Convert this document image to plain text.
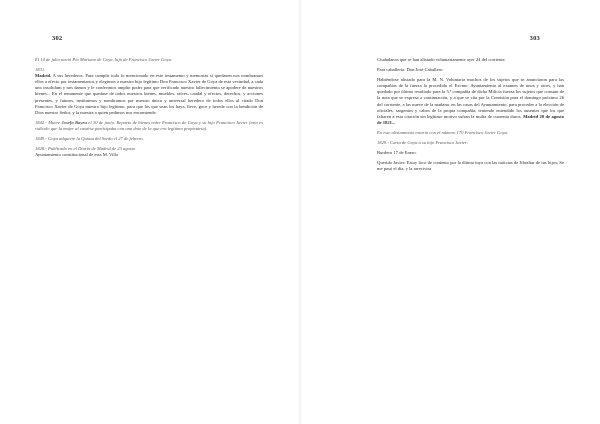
302

El 14 de julio nació Pío Mariano de Goya, hijo de Francisco Javier Goya.

1831.
Madrid. A sus herederos. Para cumplir todo lo mencionado en este testamento y memorias si quedasen nos nombramos ellos a efecto por testamentarios y elegimos a nuestro hijo legítimo Don Francisco Xavier de Goya de esta vecindad, a cada uno insolidum y nos damos y le conferimos amplio poder para que verificado nuestro fallecimiento se apodere de nuestros bienes... En el remanente que quedase de todos nuestros bienes, muebles, raíces, caudal y efectos, derechos, y acciones presentes, y futuros, instituimos y nombramos por nuestro único y universal heredero de todos ellos al citado Don Francisco Xavier de Goya nuestro hijo legítimo, para que los que sean los haya, lleve, goce y herede con la bendición de Dios nuestro Señor, y la nuestra a quien pedimos nos encomiende.

1842.- Muere Josefa Bayeu el 30 de junio. Reparto de bienes entre Francisco de Goya y su hijo Francisco Javier (esto es ridículo que la mujer al casarse participaba con una dote de la que era legítima propietaria).

1849.- Goya adquiere la Quinta del Sordo el 27 de febrero.

1828.- Publicado en el Diario de Madrid de 23 agosto
Ayuntamiento constitucional de esta M. Villa

303

Ciudadanos que se han alistado voluntariamente ayer 24 del corriente.

Para caballería. Don José Caballero.

Habiéndose alistado para la M. N. Voluntaria muchos de los sujetos que se anunciaron para las compañías de la fuerza la procedido el Excmo. Ayuntamiento al examen de unos y otros, y han quedado por último resultado para la 5.ª compañía de dicha Milicia fuerza los sujetos que constan de la nota que se expresa a continuación, y a que se cita por la Comisión para el domingo próximo 26 del corriente, a las nueve de la mañana, en las casas del Ayuntamiento, para proceder a la elección de oficiales, sargentos y cabos de la propia compañía; teniendo entendido los ausentes que los que faltaren a esta citación sin legítimo motivo sufran la multa de cuarenta duros. Madrid 20 de agosto de 1821...

En este alistamiento estaría con el número 170 Francisco Javier Goya.

1829.- Carta de Goya a su hijo Francisco Javier:

Burdeos 17 de Enero.

Querido Javier: Estoy loco de contento por la última tuya con las noticias de Jibraltar de tus hijos; Se me pasó el día, y la arrecivira
